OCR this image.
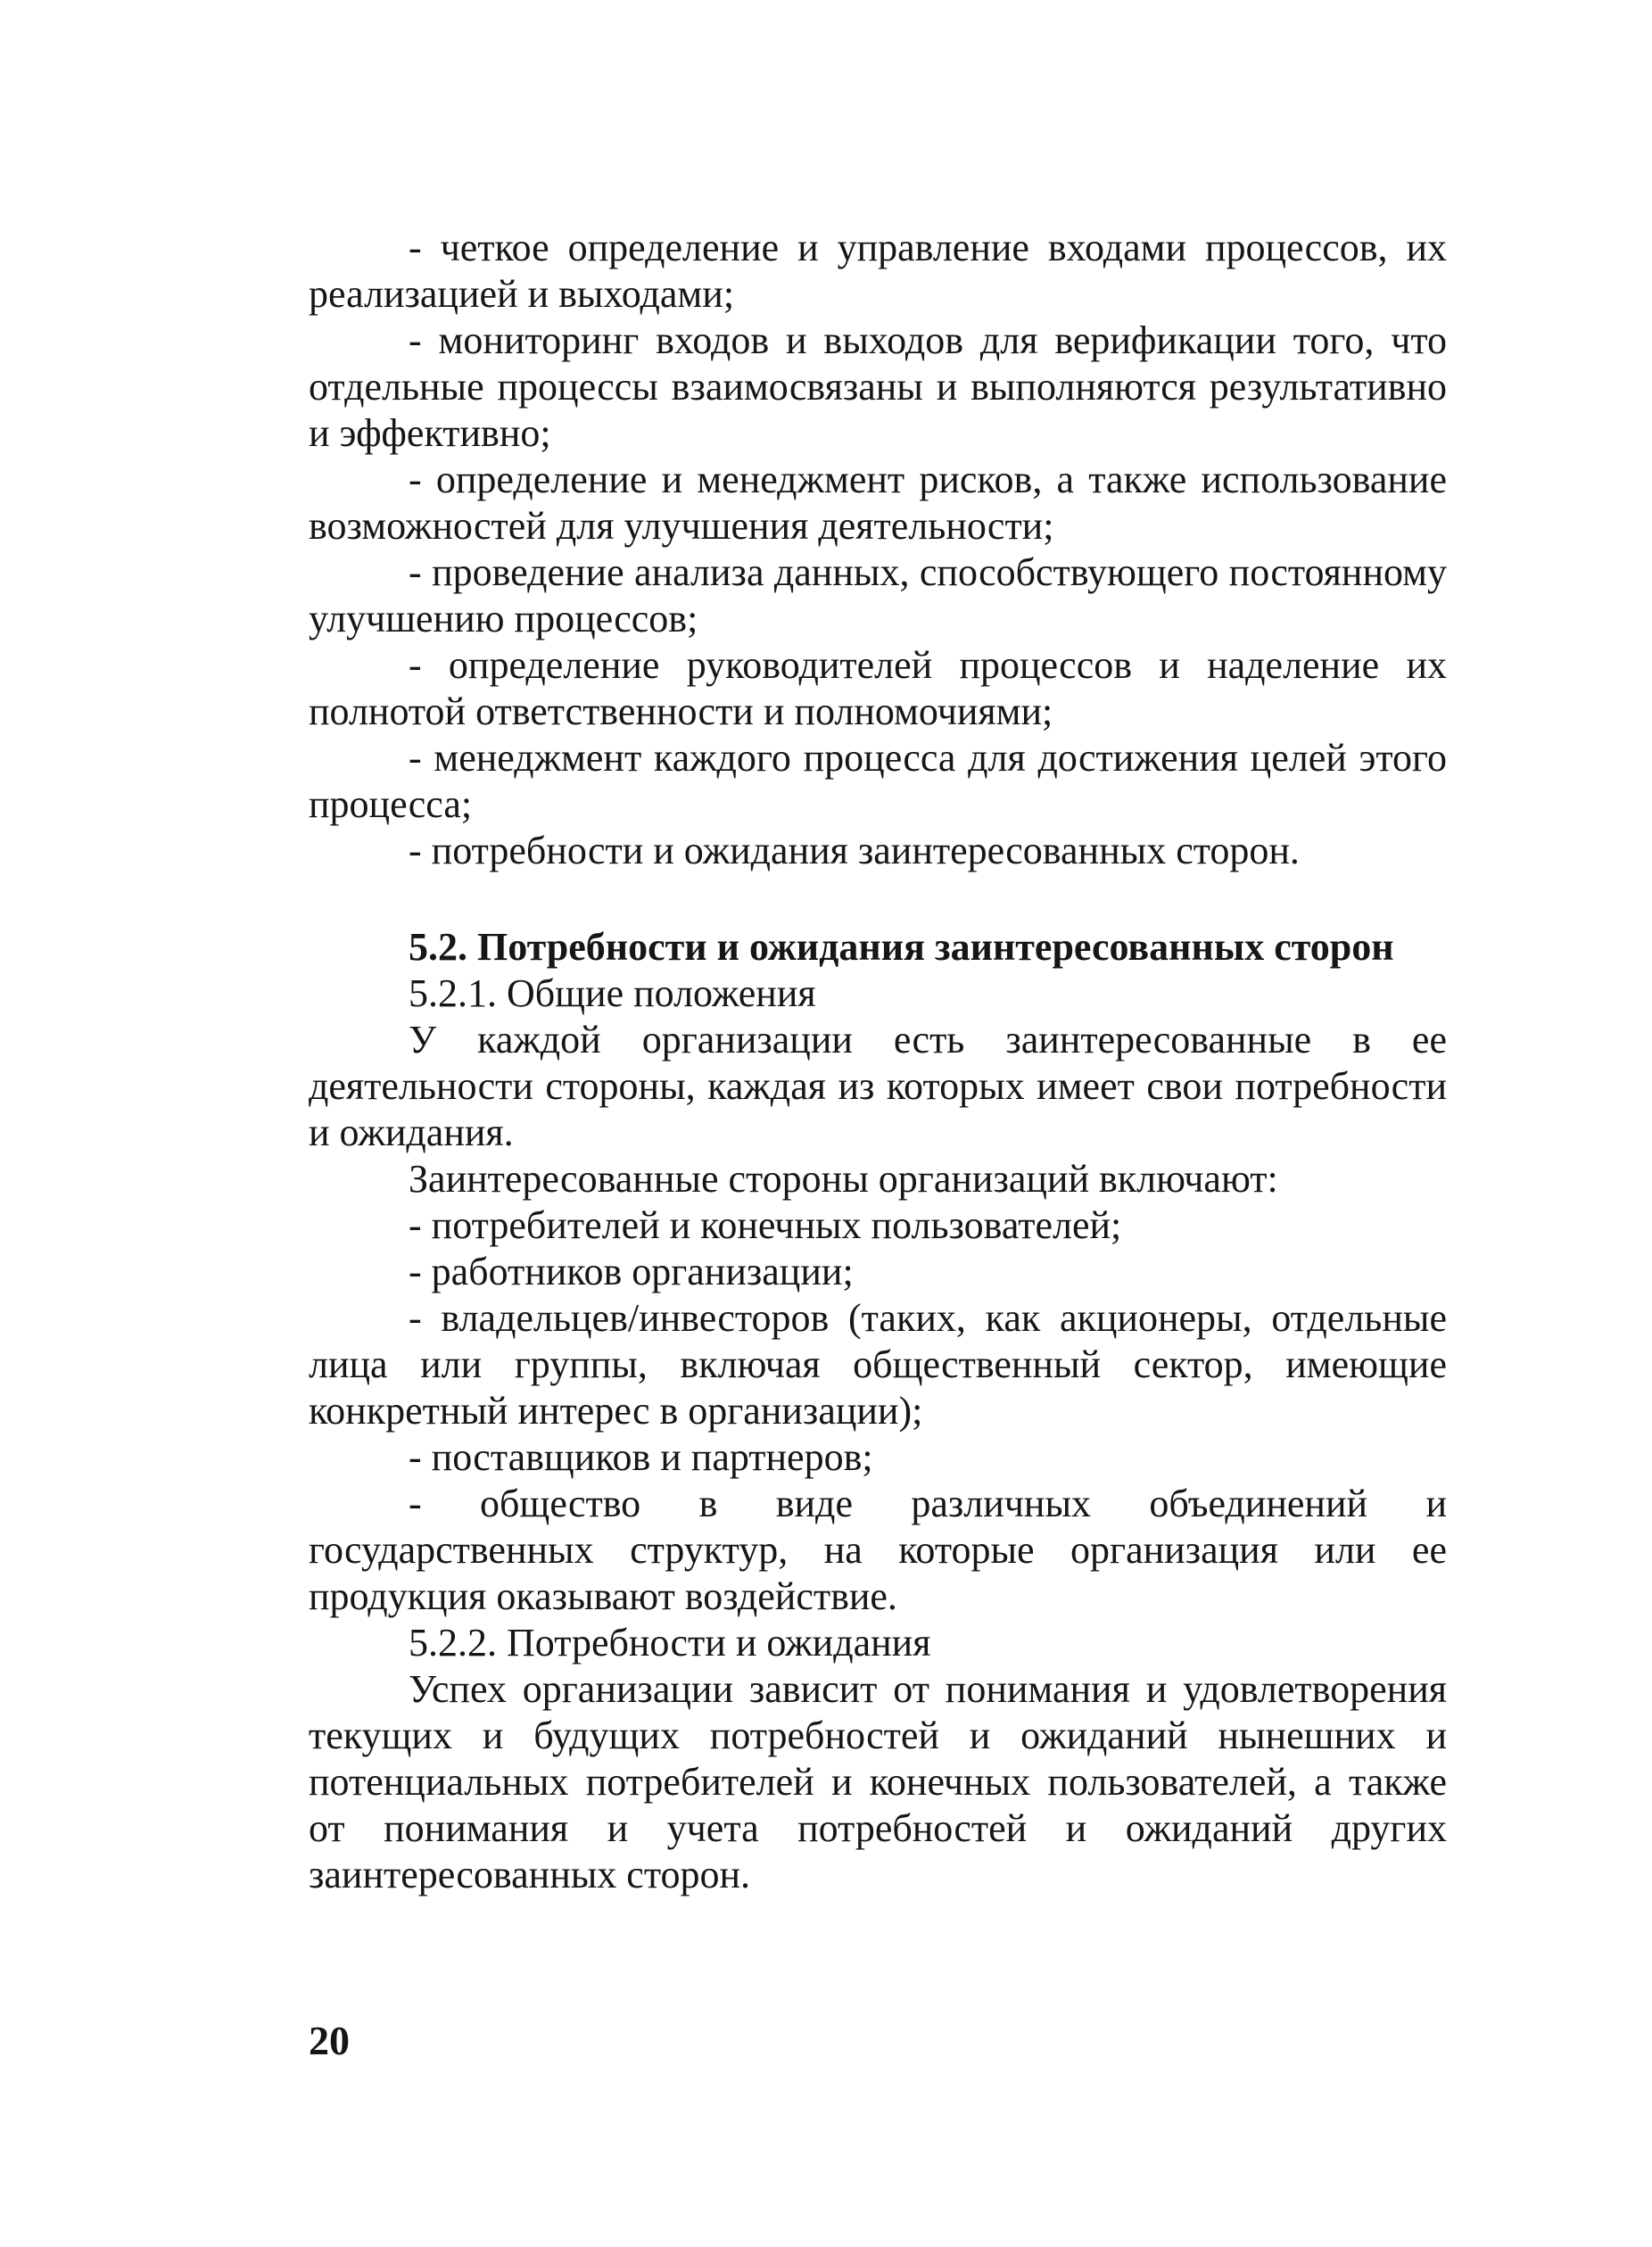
- четкое определение и управление входами процессов, их реализацией и выходами;

- мониторинг входов и выходов для верификации того, что отдельные процессы взаимосвязаны и выполняются результативно и эффективно;

- определение и менеджмент рисков, а также использование возможностей для улучшения деятельности;

- проведение анализа данных, способствующего постоянному улучшению процессов;

- определение руководителей процессов и наделение их полнотой ответственности и полномочиями;

- менеджмент каждого процесса для достижения целей этого процесса;

- потребности и ожидания заинтересованных сторон.

5.2. Потребности и ожидания заинтересованных сторон

5.2.1. Общие положения

У каждой организации есть заинтересованные в ее деятельности стороны, каждая из которых имеет свои потребности и ожидания.

Заинтересованные стороны организаций включают:

- потребителей и конечных пользователей;

- работников организации;

- владельцев/инвесторов (таких, как акционеры, отдельные лица или группы, включая общественный сектор, имеющие конкретный интерес в организации);

- поставщиков и партнеров;

- общество в виде различных объединений и государственных структур, на которые организация или ее продукция оказывают воздействие.

5.2.2. Потребности и ожидания

Успех организации зависит от понимания и удовлетворения текущих и будущих потребностей и ожиданий нынешних и потенциальных потребителей и конечных пользователей, а также от понимания и учета потребностей и ожиданий других заинтересованных сторон.

20
